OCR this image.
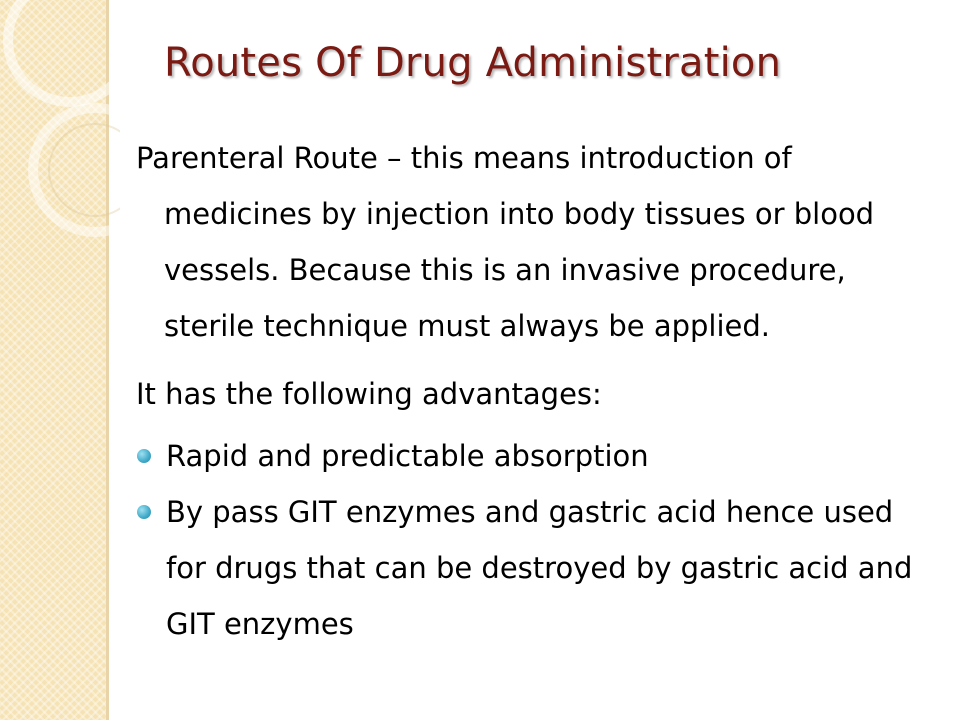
Routes Of Drug Administration

Parenteral Route – this means introduction of medicines by injection into body tissues or blood vessels. Because this is an invasive procedure, sterile technique must always be applied.

It has the following advantages:

Rapid and predictable absorption
By pass GIT enzymes and gastric acid hence used for drugs that can be destroyed by gastric acid and GIT enzymes
